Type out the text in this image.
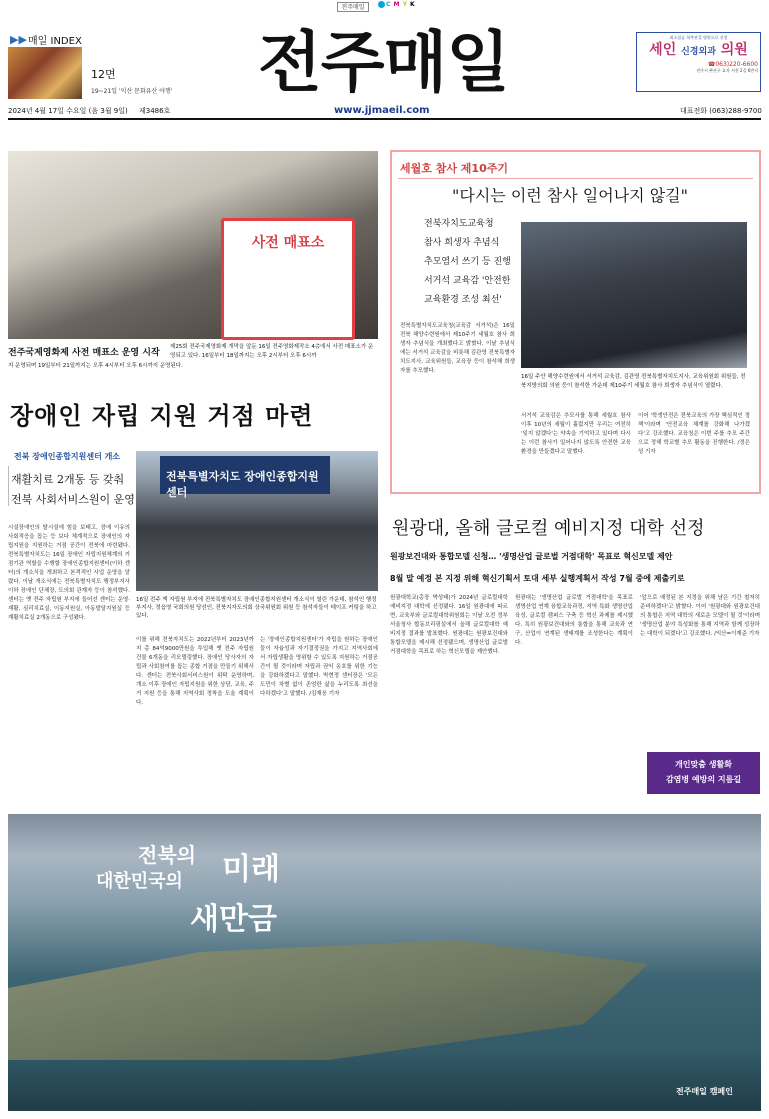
전주매일	C M Y K
▶▶ 매일 INDEX
12면
19~21일 '익산 문화유산 야행' 전주매일
www.jjmaeil.com
최소침습 척추관절 병원으로 선정
세인 신경외과 의원
☎063)220-6600
전주시 완산구 효자 서천 2길 6번지
2024년 4월 17일 수요일 (음 3월 9일) 제3486호	대표전화 (063)288-9700
사전 매표소
전주국제영화제 사전 매표소 운영 시작
제25회 전주국제영화제 개막을 앞둔 16일 전주영화제작소 4층에서 사전 매표소가 운영되고 있다. 16일부터 18일까지는 오후 2시부터 오후 6시까
지 운영되며 19일부터 21일까지는 오후 4시부터 오후 6시까지 운영된다.
장애인 자립 지원 거점 마련
전북 장애인종합지원센터 개소
재활치료 2개동 등 갖춰
전북 사회서비스원이 운영
전북특별자치도 장애인종합지원센터
16일 전주 엑 자립원 부지에 전북특별자치도 장애인종합지원센터 개소식이 열린 가운데, 참석인 행정부지사, 정읍영 국회의원 당선인, 전북지자도의회 상국위원회 위원 등 참석자들이 테이프 커팅을 하고 있다.
시설장애인의 탈시설에 힘을 보태고, 장애 이유의 사회적응을 돕는 등 보다 체계적으로 장애인의 자립지원을 지원하는 거점 공간이 전북에 마련됐다. 전북특별자치도는 16일 장애인 자립지원체계의 거점기관 역할을 수행할 장애인종합지원센터(이하 센터)의 개소식을 개최하고 본격적인 사업 운영을 알렸다. 이날 개소식에는 전북특별자치도 행정부지사 이하 장애인 단체장, 도의회 관계자 등이 참석했다. 센터는 옛 전주 자립원 부지에 들어선 센터는 운영·재활, 심리치료실, 이동지원실, 아동발달지원실 등 재활치료실 2개동으로 구성됐다.
이를 위해 전북자치도는 2022년부터 2023년까지 총 84억9000만원을 투입해 옛 전주 자립원 건물 6개동을 리모델링했다. 장애인 당사자의 자립과 사회참여를 돕는 종합 거점을 만들기 위해서다. 센터는 전북사회서비스원이 위탁 운영하며, 개소 이후 장애인 자립지원을 위한 상담, 교육, 주거 지원 등을 통해 지역사회 정착을 도울 계획이다.
는 '장애인종합지원센터'가 자립을 원하는 장애인들이 자율성과 자기결정권을 가지고 지역사회에서 자립생활을 영위할 수 있도록 지원하는 거점공간이 될 것이라며 자립과 권익 옹호를 위한 기능을 강화하겠다고 말했다. 박현정 센터장은 '모든 도민이 차별 없이 존엄한 삶을 누리도록 최선을 다하겠다'고 말했다. /김재웅 기자
세월호 참사 제10주기
"다시는 이런 참사 일어나지 않길"
전북자치도교육청
참사 희생자 추념식
추모염서 쓰기 등 진행
서거석 교육감 '안전한
교육환경 조성 최선'
16일 주안 해양수련원에서 서거석 교육감, 김관영 전북특별자치도지사, 교육위원회 위원들, 전북지방의회 의원 등이 참석한 가운데 제10주기 세월호 참사 희생자 추념식이 열렸다.
전북특별자치도교육청(교육감 서거석)은 16일 전북 해양수련원에서 제10주기 세월호 참사 희생자 추념식을 개최했다고 밝혔다. 이날 추념식에는 서거석 교육감을 비롯해 김관영 전북특별자치도지사, 교육위원들, 교육장 등이 참석해 희생자를 추모했다.
서거석 교육감은 추모사를 통해 세월호 참사 이후 10년의 세월이 흘렀지만 우리는 여전히 '잊지 않겠다'는 약속을 기억하고 있다며 다시는 이런 참사가 일어나지 않도록 안전한 교육환경을 만들겠다고 말했다.
이어 '학생안전은 전북교육의 가장 핵심적인 정책'이라며 '안전교육 체계를 강화해 나가겠다'고 강조했다. 교육청은 이번 주를 추모 주간으로 정해 학교별 추모 활동을 진행한다. /정은성 기자
원광대, 올해 글로컬 예비지정 대학 선정
원광보건대와 통합모델 신청… '생명산업 글로벌 거점대학' 목표로 혁신모델 제안
8월 말 예정 본 지정 위해 혁신기획서 토대 세부 실행계획서 작성 7월 중에 제출키로
원광대학교(총장 박성태)가 2024년 글로컬대학 예비지정 대학에 선정됐다. 16일 원광대에 따르면, 교육부와 글로컬대학위원회는 이날 오전 정부서울청사 합동브리핑실에서 올해 글로컬대학 예비지정 결과를 발표했다. 원광대는 원광보건대와 통합모델을 제시해 선정됐으며, 생명산업 글로벌 거점대학을 목표로 하는 혁신모델을 제안했다.
원광대는 '생명산업 글로벌 거점대학'을 목표로 생명산업 연계 융합교육과정, 지역 특화 생명산업 육성, 글로컬 캠퍼스 구축 등 혁신 과제를 제시했다. 특히 원광보건대와의 통합을 통해 교육과 연구, 산업이 연계된 생태계를 조성한다는 계획이다.
'앞으로 예정된 본 지정을 위해 남은 기간 철저히 준비하겠다'고 밝혔다. 이어 '원광대와 원광보건대의 통합은 지역 대학의 새로운 모델이 될 것'이라며 '생명산업 분야 특성화를 통해 지역과 함께 성장하는 대학이 되겠다'고 강조했다. /익산=이재준 기자
개인맞춤 생활화
감염병 예방의 지름길
전북의
대한민국의 미래
새만금
전주매일 캠페인
